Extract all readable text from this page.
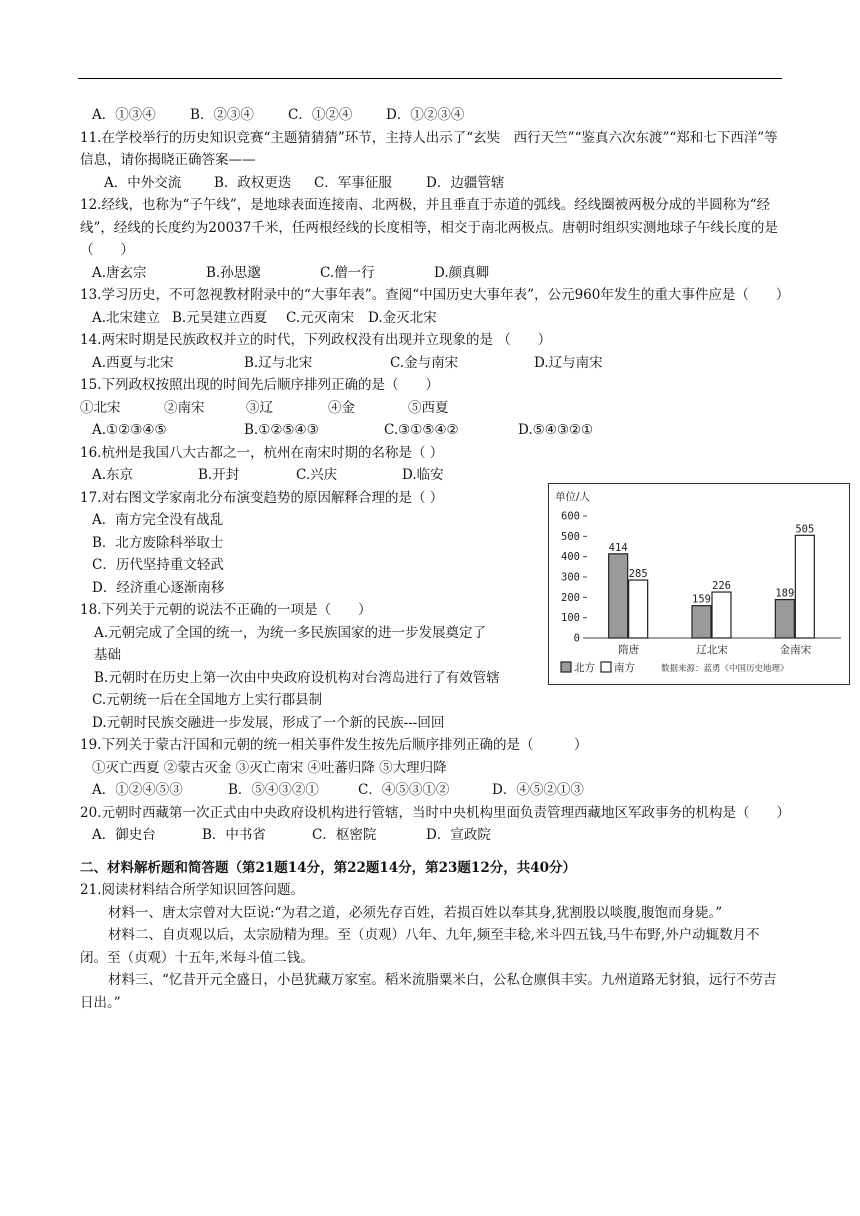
A．①③④	B．②③④	C．①②④	D．①②③④

11.在学校举行的历史知识竞赛“主题猜猜猜”环节，主持人出示了“玄奘　西行天竺”“鉴真六次东渡”“郑和七下西洋”等信息，请你揭晓正确答案——

A．中外交流	B．政权更迭	C．军事征服	D．边疆管辖

12.经线，也称为“子午线”，是地球表面连接南、北两极，并且垂直于赤道的弧线。经线圈被两极分成的半圆称为“经线”，经线的长度约为20037千米，任两根经线的长度相等，相交于南北两极点。唐朝时组织实测地球子午线长度的是（　　）

A.唐玄宗	B.孙思邈	C.僧一行	D.颜真卿

13.学习历史，不可忽视教材附录中的“大事年表”。查阅“中国历史大事年表”，公元960年发生的重大事件应是（　　）

A.北宋建立 B.元昊建立西夏	C.元灭南宋	D.金灭北宋

14.两宋时期是民族政权并立的时代，下列政权没有出现并立现象的是 （　　）

A.西夏与北宋	B.辽与北宋	C.金与南宋	D.辽与南宋

15.下列政权按照出现的时间先后顺序排列正确的是（　　）

①北宋	②南宋	③辽	④金	⑤西夏
A.①②③④⑤	B.①②⑤④③	C.③①⑤④②	D.⑤④③②①

16.杭州是我国八大古都之一，杭州在南宋时期的名称是（ ）

A.东京	B.开封	C.兴庆	D.临安

17.对右图文学家南北分布演变趋势的原因解释合理的是（ ）

A．南方完全没有战乱

B．北方废除科举取士

C．历代坚持重文轻武

D．经济重心逐渐南移

18.下列关于元朝的说法不正确的一项是（　　）

A.元朝完成了全国的统一，为统一多民族国家的进一步发展奠定了

基础

B.元朝时在历史上第一次由中央政府设机构对台湾岛进行了有效管辖

C.元朝统一后在全国地方上实行郡县制

D.元朝时民族交融进一步发展，形成了一个新的民族---回回

19.下列关于蒙古汗国和元朝的统一相关事件发生按先后顺序排列正确的是（　　　）

①灭亡西夏 ②蒙古灭金 ③灭亡南宋 ④吐蕃归降 ⑤大理归降

A．①②④⑤③	B．⑤④③②①	C．④⑤③①②	D．④⑤②①③

20.元朝时西藏第一次正式由中央政府设机构进行管辖，当时中央机构里面负责管理西藏地区军政事务的机构是（　　）

A．御史台	B．中书省	C．枢密院	D．宣政院

二、材料解析题和简答题（第21题14分，第22题14分，第23题12分，共40分）

21.阅读材料结合所学知识回答问题。

材料一、唐太宗曾对大臣说:“为君之道，必须先存百姓，若损百姓以奉其身,犹割股以啖腹,腹饱而身毙。”

材料二、自贞观以后，太宗励精为理。至（贞观）八年、九年,频至丰稔,米斗四五钱,马牛布野,外户动辄数月不闭。至（贞观）十五年,米每斗值二钱。

材料三、“忆昔开元全盛日，小邑犹藏万家室。稻米流脂粟米白，公私仓廪俱丰实。九州道路无豺狼，远行不劳吉日出。”

单位/人
0
100
200
300
400
500
600
414
285
隋唐
159
226
辽北宋
189
505
金南宋
北方 南方	数据来源：蓝勇《中国历史地理》
